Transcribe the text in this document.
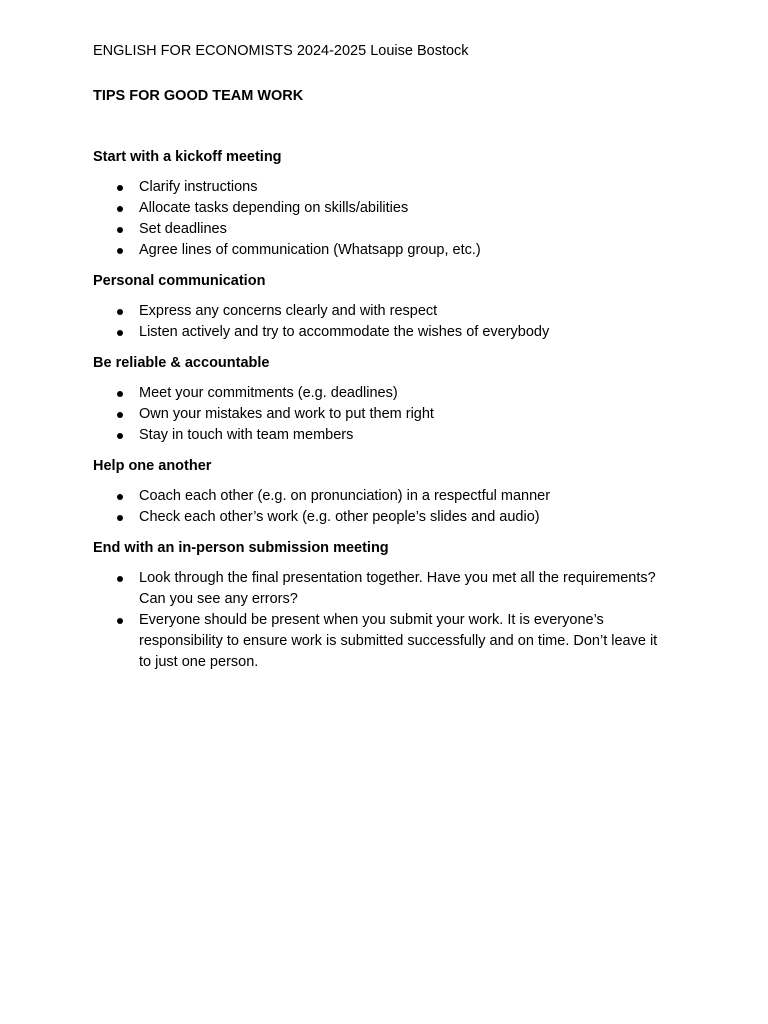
ENGLISH FOR ECONOMISTS 2024-2025 Louise Bostock

TIPS FOR GOOD TEAM WORK

Start with a kickoff meeting

Clarify instructions
Allocate tasks depending on skills/abilities
Set deadlines
Agree lines of communication (Whatsapp group, etc.)

Personal communication

Express any concerns clearly and with respect
Listen actively and try to accommodate the wishes of everybody

Be reliable & accountable

Meet your commitments (e.g. deadlines)
Own your mistakes and work to put them right
Stay in touch with team members

Help one another

Coach each other (e.g. on pronunciation) in a respectful manner
Check each other’s work (e.g. other people’s slides and audio)

End with an in-person submission meeting

Look through the final presentation together. Have you met all the requirements? Can you see any errors?
Everyone should be present when you submit your work. It is everyone’s responsibility to ensure work is submitted successfully and on time. Don’t leave it to just one person.
